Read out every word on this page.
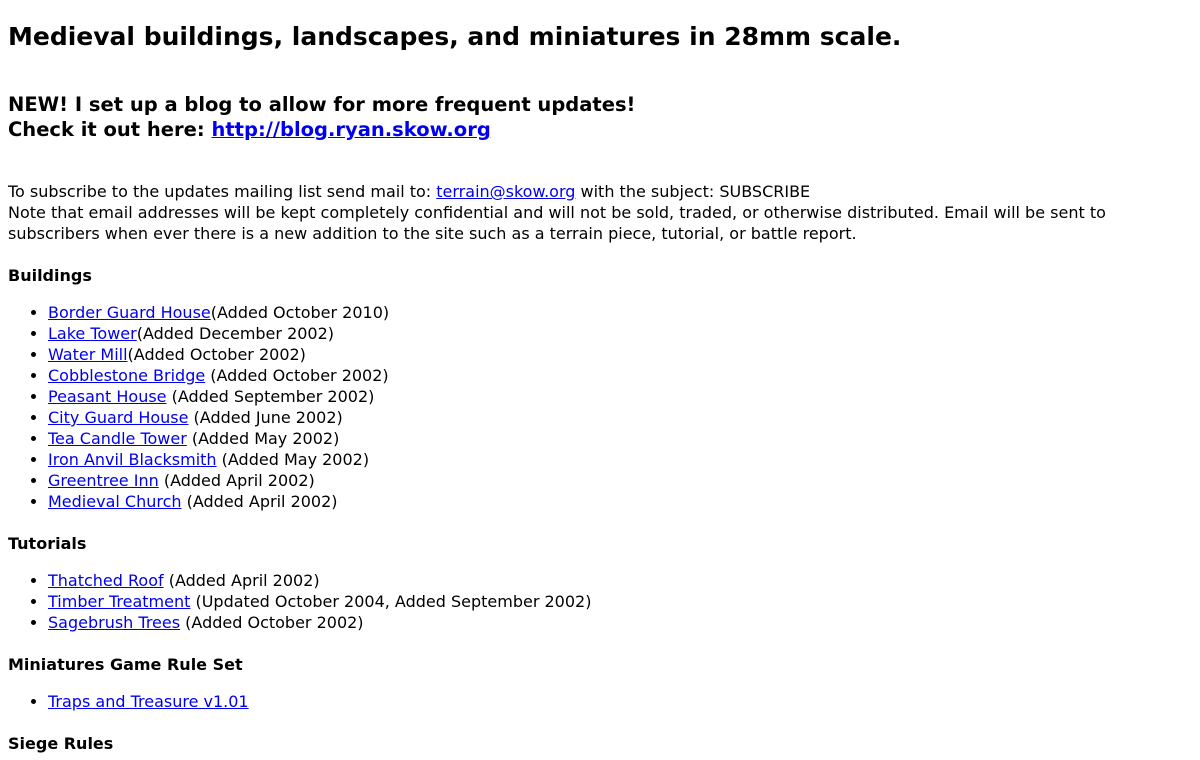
Medieval buildings, landscapes, and miniatures in 28mm scale.
NEW! I set up a blog to allow for more frequent updates!
Check it out here: http://blog.ryan.skow.org
To subscribe to the updates mailing list send mail to: terrain@skow.org with the subject: SUBSCRIBE
Note that email addresses will be kept completely confidential and will not be sold, traded, or otherwise distributed. Email will be sent to subscribers when ever there is a new addition to the site such as a terrain piece, tutorial, or battle report.
Buildings
• Border Guard House(Added October 2010)
• Lake Tower(Added December 2002)
• Water Mill(Added October 2002)
• Cobblestone Bridge (Added October 2002)
• Peasant House (Added September 2002)
• City Guard House (Added June 2002)
• Tea Candle Tower (Added May 2002)
• Iron Anvil Blacksmith (Added May 2002)
• Greentree Inn (Added April 2002)
• Medieval Church (Added April 2002)
Tutorials
• Thatched Roof (Added April 2002)
• Timber Treatment (Updated October 2004, Added September 2002)
• Sagebrush Trees (Added October 2002)
Miniatures Game Rule Set
• Traps and Treasure v1.01
Siege Rules
